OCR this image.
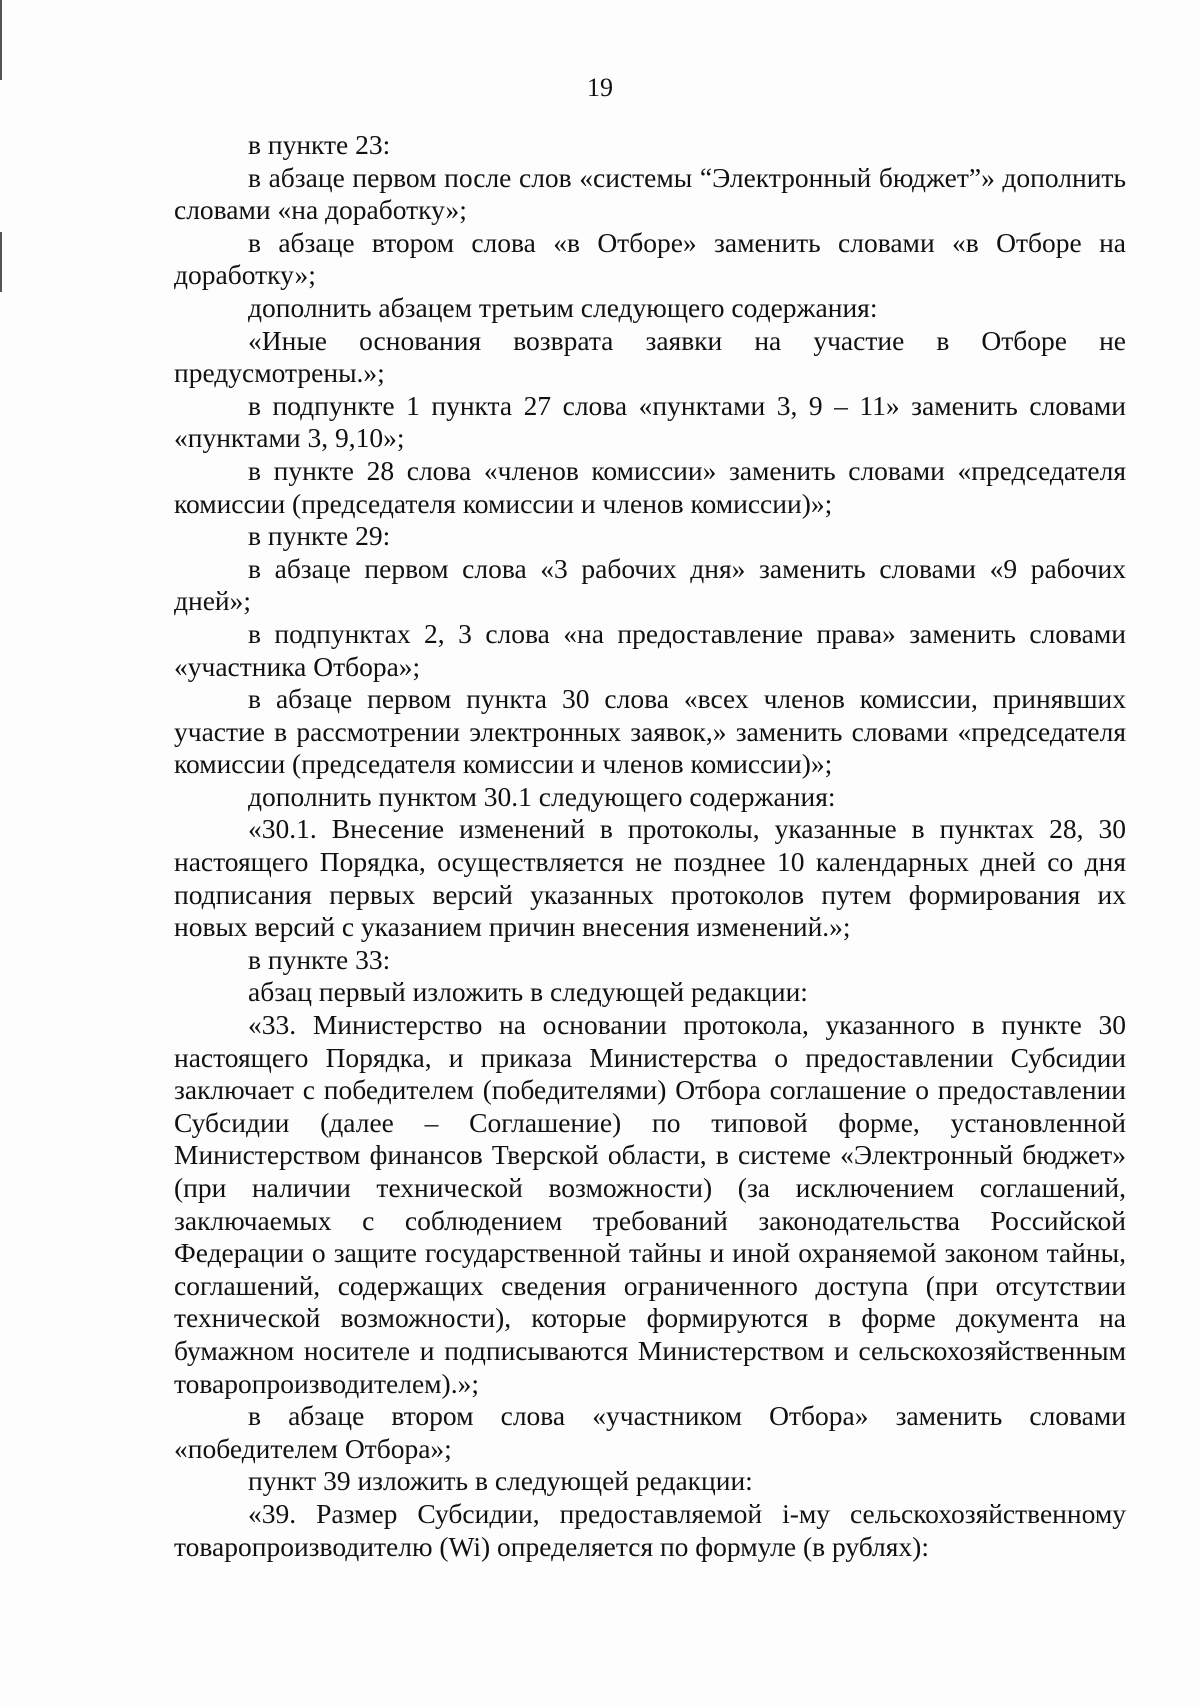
19

в пункте 23:

в абзаце первом после слов «системы “Электронный бюджет”» дополнить словами «на доработку»;

в абзаце втором слова «в Отборе» заменить словами «в Отборе на доработку»;

дополнить абзацем третьим следующего содержания:

«Иные основания возврата заявки на участие в Отборе не предусмотрены.»;

в подпункте 1 пункта 27 слова «пунктами 3, 9 – 11» заменить словами «пунктами 3, 9,10»;

в пункте 28 слова «членов комиссии» заменить словами «председателя комиссии (председателя комиссии и членов комиссии)»;

в пункте 29:

в абзаце первом слова «3 рабочих дня» заменить словами «9 рабочих дней»;

в подпунктах 2, 3 слова «на предоставление права» заменить словами «участника Отбора»;

в абзаце первом пункта 30 слова «всех членов комиссии, принявших участие в рассмотрении электронных заявок,» заменить словами «председателя комиссии (председателя комиссии и членов комиссии)»;

дополнить пунктом 30.1 следующего содержания:

«30.1. Внесение изменений в протоколы, указанные в пунктах 28, 30 настоящего Порядка, осуществляется не позднее 10 календарных дней со дня подписания первых версий указанных протоколов путем формирования их новых версий с указанием причин внесения изменений.»;

в пункте 33:

абзац первый изложить в следующей редакции:

«33. Министерство на основании протокола, указанного в пункте 30 настоящего Порядка, и приказа Министерства о предоставлении Субсидии заключает с победителем (победителями) Отбора соглашение о предоставлении Субсидии (далее – Соглашение) по типовой форме, установленной Министерством финансов Тверской области, в системе «Электронный бюджет» (при наличии технической возможности) (за исключением соглашений, заключаемых с соблюдением требований законодательства Российской Федерации о защите государственной тайны и иной охраняемой законом тайны, соглашений, содержащих сведения ограниченного доступа (при отсутствии технической возможности), которые формируются в форме документа на бумажном носителе и подписываются Министерством и сельскохозяйственным товаропроизводителем).»;

в абзаце втором слова «участником Отбора» заменить словами «победителем Отбора»;

пункт 39 изложить в следующей редакции:

«39. Размер Субсидии, предоставляемой i-му сельскохозяйственному товаропроизводителю (Wi) определяется по формуле (в рублях):
